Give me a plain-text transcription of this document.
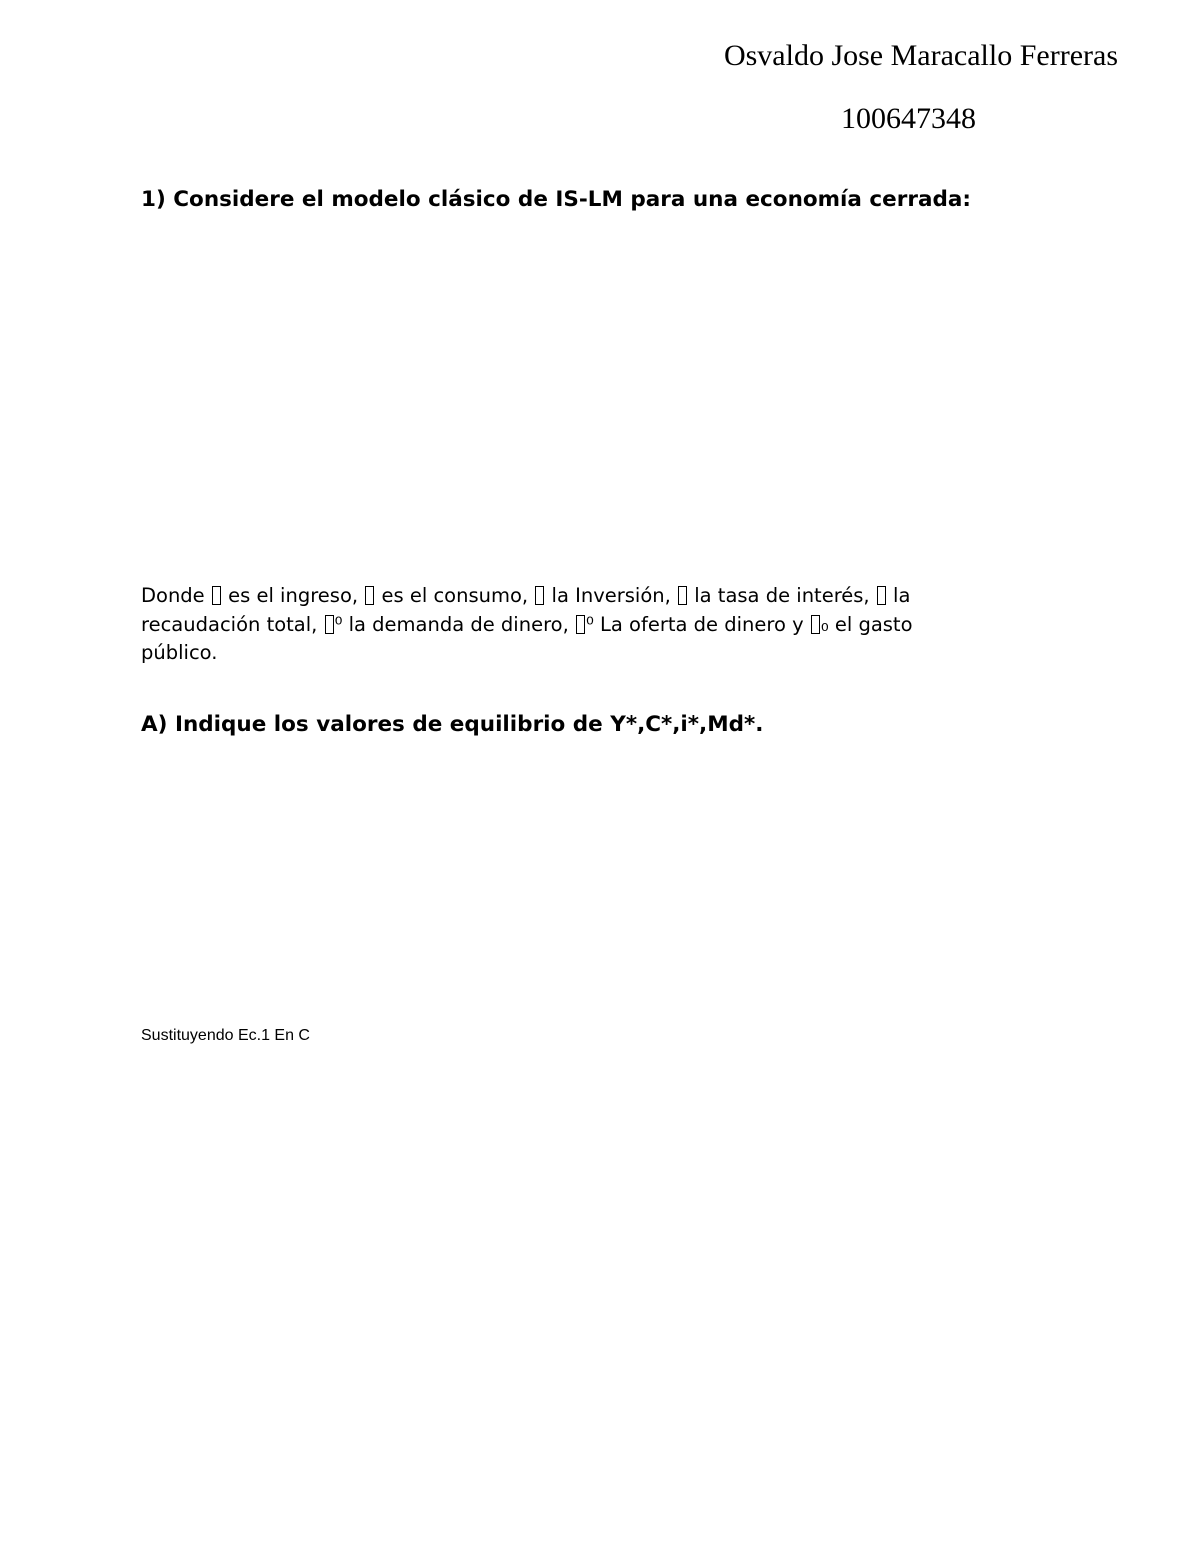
Osvaldo Jose Maracallo Ferreras
100647348
1) Considere el modelo clásico de IS-LM para una economía cerrada:
Donde  es el ingreso,  es el consumo,  la Inversión,  la tasa de interés,  la
recaudación total, ⁰ la demanda de dinero, ⁰ La oferta de dinero y ₀ el gasto
público.
A) Indique los valores de equilibrio de Y*,C*,i*,Md*.
Sustituyendo Ec.1 En C
